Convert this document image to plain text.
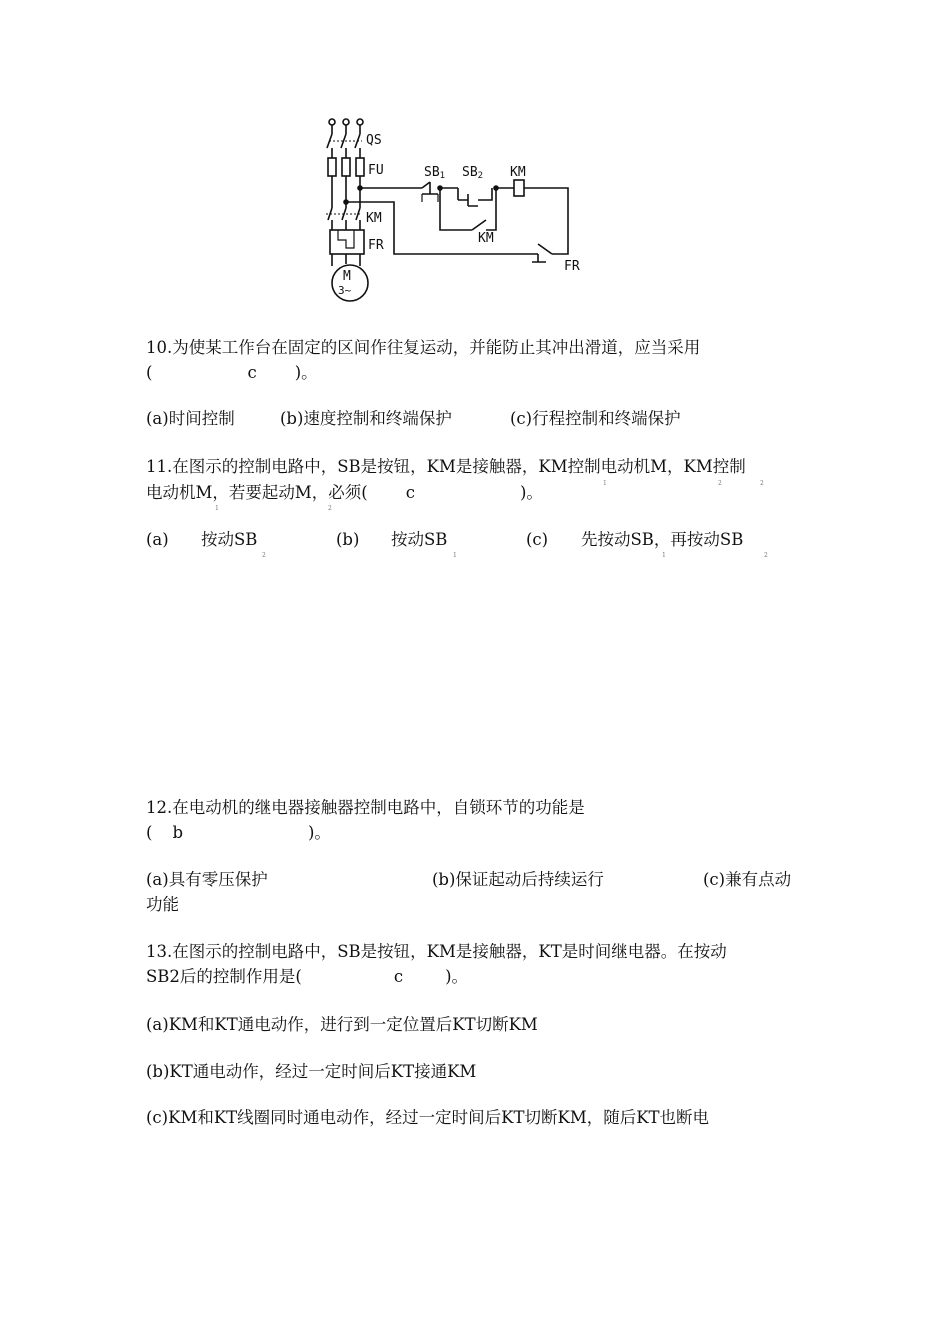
QS
FU
KM
FR
M
3~
SB1 SB2
KM
KM
FR
10.为使某工作台在固定的区间作往复运动，并能防止其冲出滑道，应当采用
(	c )。
(a)时间控制	(b)速度控制和终端保护	(c)行程控制和终端保护
11.在图示的控制电路中，SB是按钮，KM是接触器，KM控制电动机M，KM控制
1	2	2
电动机M，若要起动M，必须( c	)。
1	2
(a) 按动SB
2
(b) 按动SB
1
(c) 先按动SB，再按动SB
1	2
12.在电动机的继电器接触器控制电路中，自锁环节的功能是
( b	)。
(a)具有零压保护	(b)保证起动后持续运行	(c)兼有点动
功能
13.在图示的控制电路中，SB是按钮，KM是接触器，KT是时间继电器。在按动
SB2后的控制作用是(	c	)。
(a)KM和KT通电动作，进行到一定位置后KT切断KM
(b)KT通电动作，经过一定时间后KT接通KM
(c)KM和KT线圈同时通电动作，经过一定时间后KT切断KM，随后KT也断电
